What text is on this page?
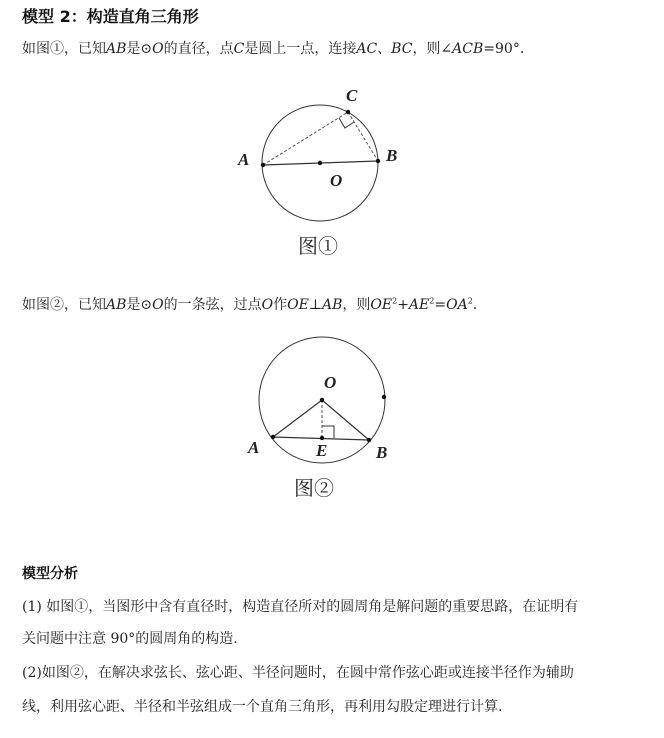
模型 2：构造直角三角形
如图①，已知AB是⊙O的直径，点C是圆上一点，连接AC、BC，则∠ACB=90°.
C
A	B
O
图①
如图②，已知AB是⊙O的一条弦，过点O作OE⊥AB，则$OE^2+AE^2=OA^2$.
O
A	E	B
图②
模型分析
(1) 如图①，当图形中含有直径时，构造直径所对的圆周角是解问题的重要思路，在证明有
关问题中注意 90°的圆周角的构造.
(2)如图②，在解决求弦长、弦心距、半径问题时，在圆中常作弦心距或连接半径作为辅助
线，利用弦心距、半径和半弦组成一个直角三角形，再利用勾股定理进行计算.
